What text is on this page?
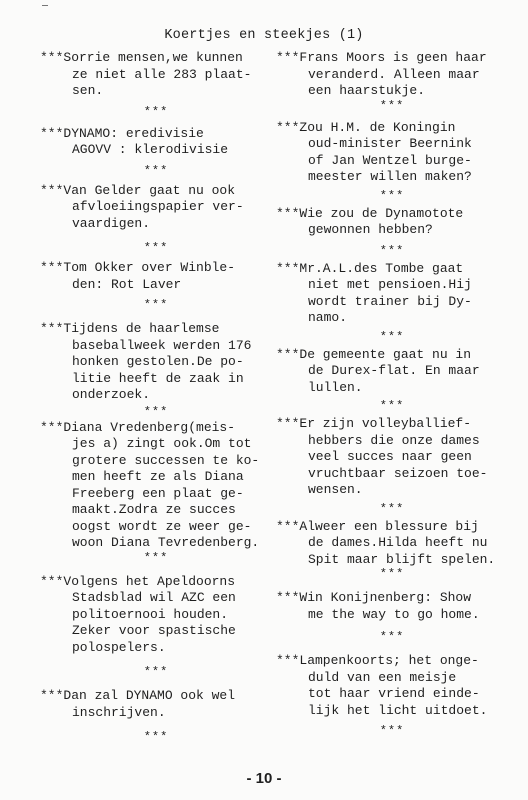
Koertjes en steekjes (1)

***Sorrie mensen,we kunnen
ze niet alle 283 plaat-
sen.

***

***DYNAMO: eredivisie
AGOVV : klerodivisie

***

***Van Gelder gaat nu ook
afvloeiingspapier ver-
vaardigen.

***

***Tom Okker over Winble-
den: Rot Laver

***

***Tijdens de haarlemse
baseballweek werden 176
honken gestolen.De po-
litie heeft de zaak in
onderzoek.

***

***Diana Vredenberg(meis-
jes a) zingt ook.Om tot
grotere successen te ko-
men heeft ze als Diana
Freeberg een plaat ge-
maakt.Zodra ze succes
oogst wordt ze weer ge-
woon Diana Tevredenberg.

***

***Volgens het Apeldoorns
Stadsblad wil AZC een
politoernooi houden.
Zeker voor spastische
polospelers.

***

***Dan zal DYNAMO ook wel
inschrijven.

***

***Frans Moors is geen haar
veranderd. Alleen maar
een haarstukje.

***

***Zou H.M. de Koningin
oud-minister Beernink
of Jan Wentzel burge-
meester willen maken?

***

***Wie zou de Dynamotote
gewonnen hebben?

***

***Mr.A.L.des Tombe gaat
niet met pensioen.Hij
wordt trainer bij Dy-
namo.

***

***De gemeente gaat nu in
de Durex-flat. En maar
lullen.

***

***Er zijn volleyballief-
hebbers die onze dames
veel succes naar geen
vruchtbaar seizoen toe-
wensen.

***

***Alweer een blessure bij
de dames.Hilda heeft nu
Spit maar blijft spelen.

***

***Win Konijnenberg: Show
me the way to go home.

***

***Lampenkoorts; het onge-
duld van een meisje
tot haar vriend einde-
lijk het licht uitdoet.

***
- 10 -
